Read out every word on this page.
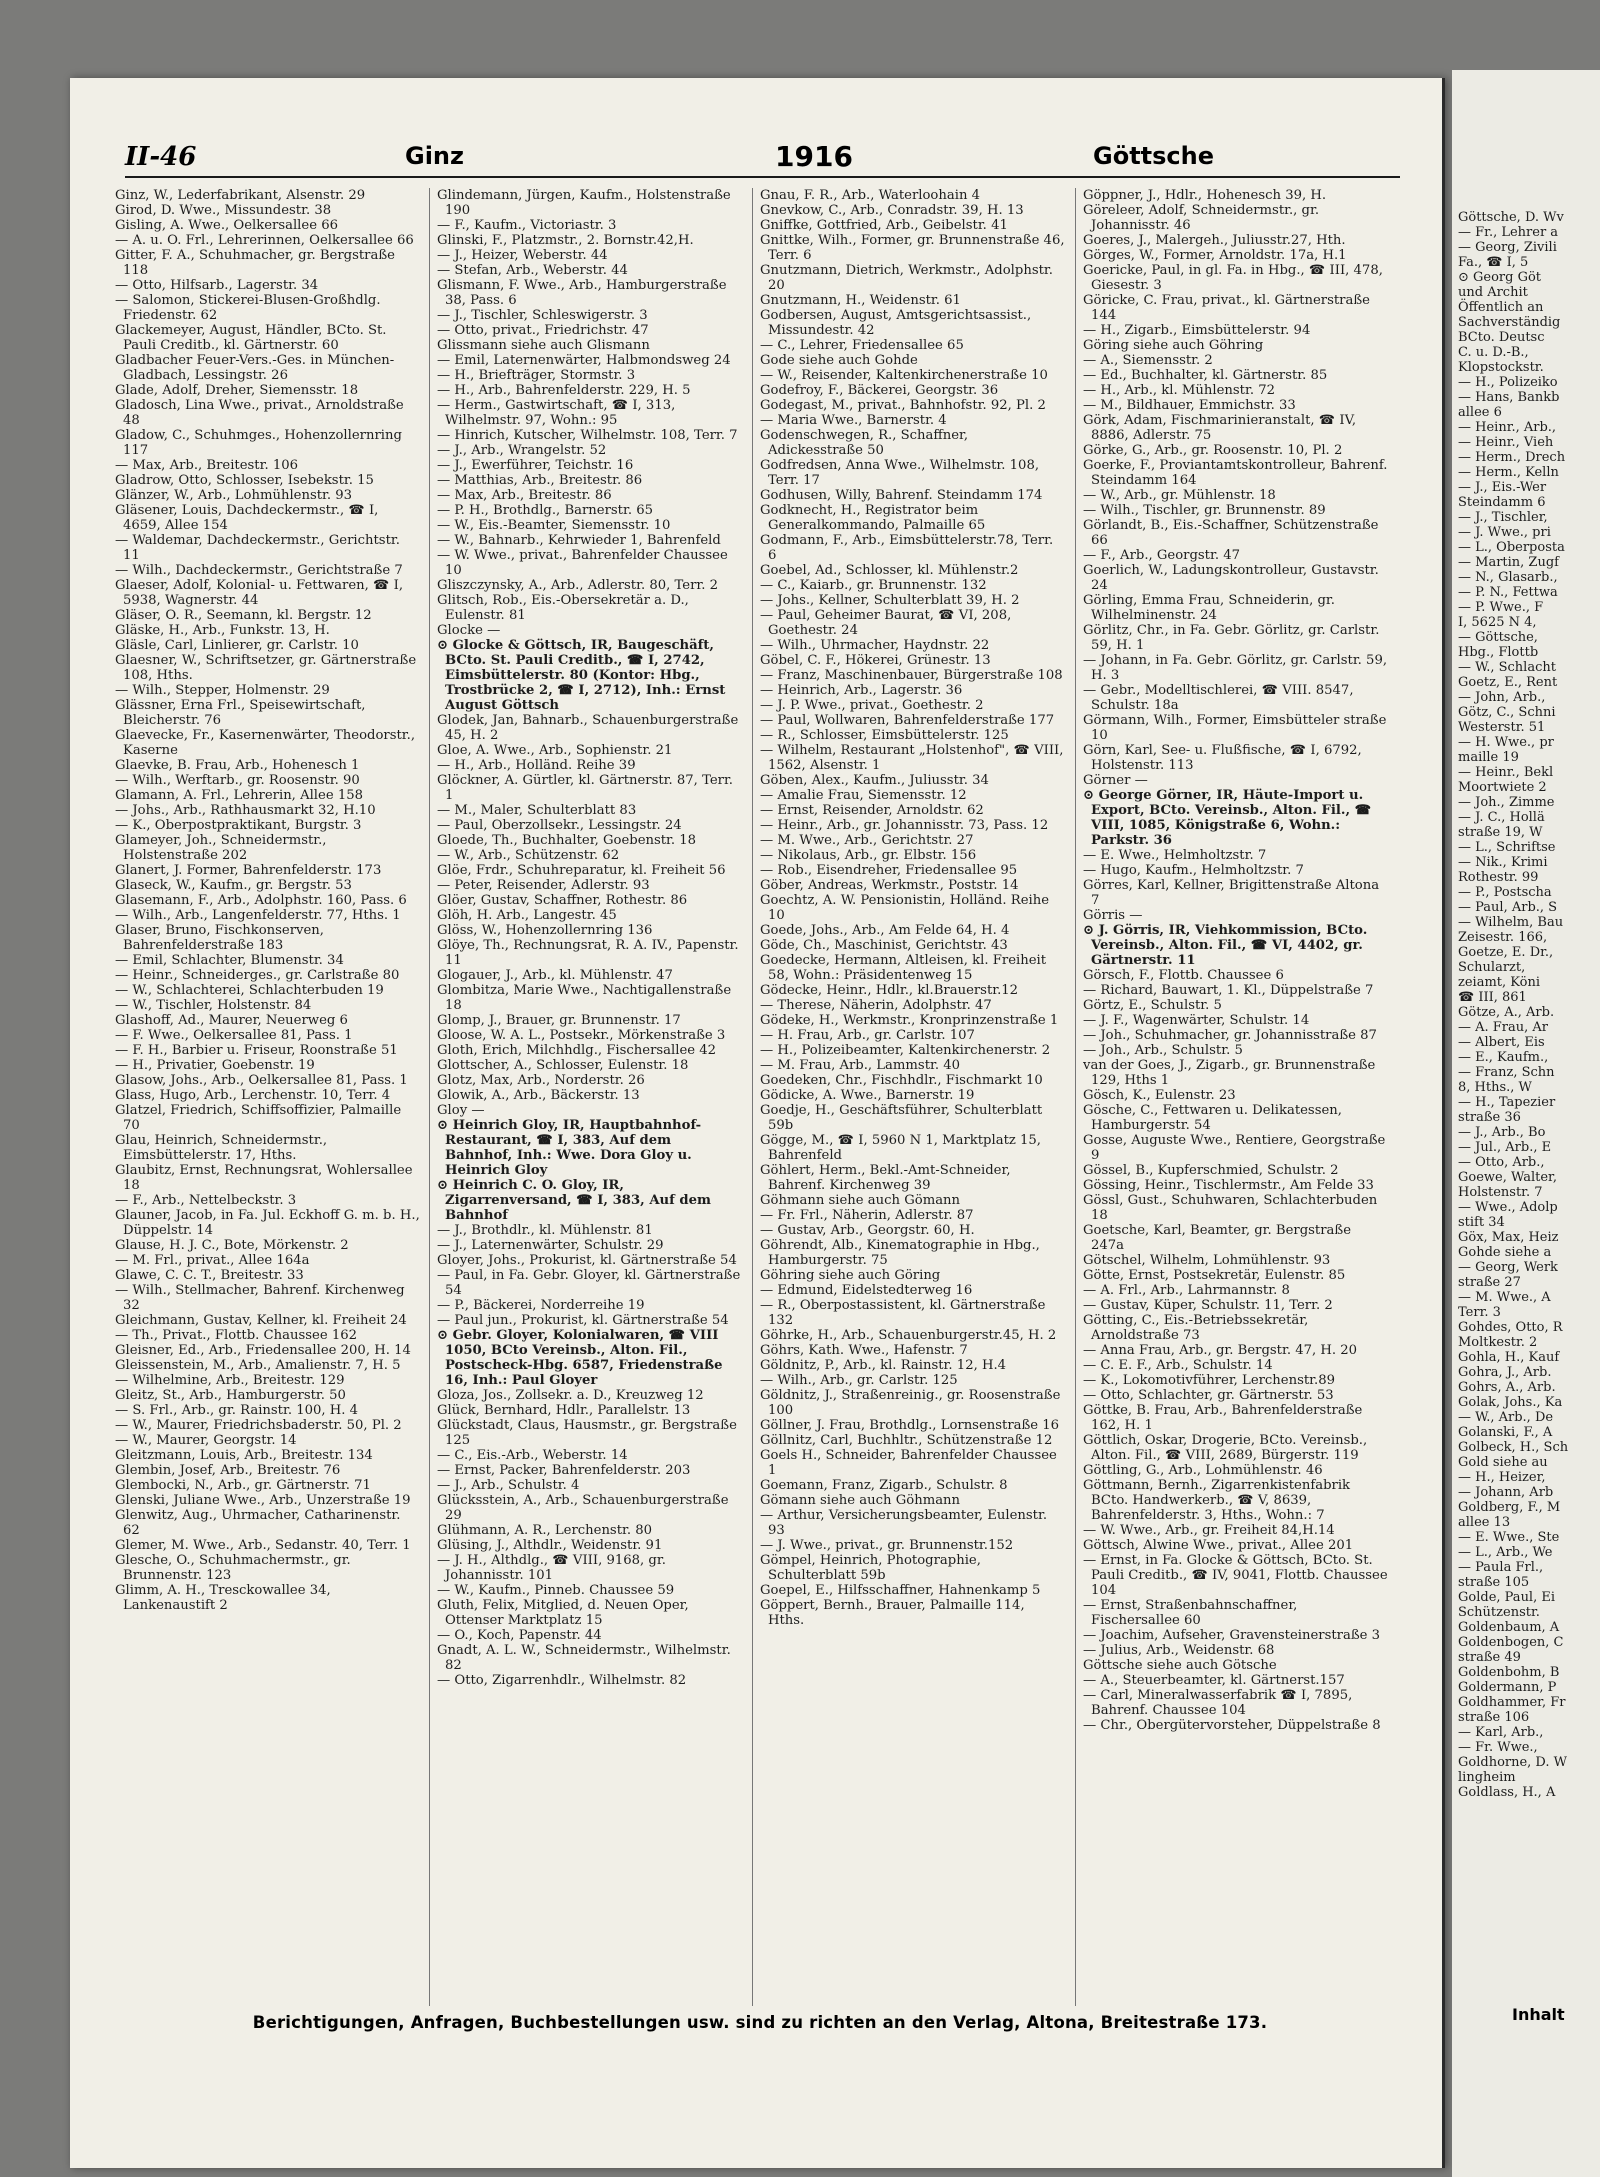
II-46	Ginz	1916	Göttsche

Ginz, W., Lederfabrikant, Alsenstr. 29

Girod, D. Wwe., Missundestr. 38

Gisling, A. Wwe., Oelkersallee 66

— A. u. O. Frl., Lehrerinnen, Oelkersallee 66

Gitter, F. A., Schuhmacher, gr. Bergstraße 118

— Otto, Hilfsarb., Lagerstr. 34

— Salomon, Stickerei-Blusen-Großhdlg. Friedenstr. 62

Glackemeyer, August, Händler, BCto. St. Pauli Creditb., kl. Gärtnerstr. 60

Gladbacher Feuer-Vers.-Ges. in München-Gladbach, Lessingstr. 26

Glade, Adolf, Dreher, Siemensstr. 18

Gladosch, Lina Wwe., privat., Arnoldstraße 48

Gladow, C., Schuhmges., Hohenzollernring 117

— Max, Arb., Breitestr. 106

Gladrow, Otto, Schlosser, Isebekstr. 15

Glänzer, W., Arb., Lohmühlenstr. 93

Gläsener, Louis, Dachdeckermstr., ☎ I, 4659, Allee 154

— Waldemar, Dachdeckermstr., Gerichtstr. 11

— Wilh., Dachdeckermstr., Gerichtstraße 7

Glaeser, Adolf, Kolonial- u. Fettwaren, ☎ I, 5938, Wagnerstr. 44

Gläser, O. R., Seemann, kl. Bergstr. 12

Gläske, H., Arb., Funkstr. 13, H.

Gläsle, Carl, Linlierer, gr. Carlstr. 10

Glaesner, W., Schriftsetzer, gr. Gärtnerstraße 108, Hths.

— Wilh., Stepper, Holmenstr. 29

Glässner, Erna Frl., Speisewirtschaft, Bleicherstr. 76

Glaevecke, Fr., Kasernenwärter, Theodorstr., Kaserne

Glaevke, B. Frau, Arb., Hohenesch 1

— Wilh., Werftarb., gr. Roosenstr. 90

Glamann, A. Frl., Lehrerin, Allee 158

— Johs., Arb., Rathhausmarkt 32, H.10

— K., Oberpostpraktikant, Burgstr. 3

Glameyer, Joh., Schneidermstr., Holstenstraße 202

Glanert, J. Former, Bahrenfelderstr. 173

Glaseck, W., Kaufm., gr. Bergstr. 53

Glasemann, F., Arb., Adolphstr. 160, Pass. 6

— Wilh., Arb., Langenfelderstr. 77, Hths. 1

Glaser, Bruno, Fischkonserven, Bahrenfelderstraße 183

— Emil, Schlachter, Blumenstr. 34

— Heinr., Schneiderges., gr. Carlstraße 80

— W., Schlachterei, Schlachterbuden 19

— W., Tischler, Holstenstr. 84

Glashoff, Ad., Maurer, Neuerweg 6

— F. Wwe., Oelkersallee 81, Pass. 1

— F. H., Barbier u. Friseur, Roonstraße 51

— H., Privatier, Goebenstr. 19

Glasow, Johs., Arb., Oelkersallee 81, Pass. 1

Glass, Hugo, Arb., Lerchenstr. 10, Terr. 4

Glatzel, Friedrich, Schiffsoffizier, Palmaille 70

Glau, Heinrich, Schneidermstr., Eimsbüttelerstr. 17, Hths.

Glaubitz, Ernst, Rechnungsrat, Wohlersallee 18

— F., Arb., Nettelbeckstr. 3

Glauner, Jacob, in Fa. Jul. Eckhoff G. m. b. H., Düppelstr. 14

Glause, H. J. C., Bote, Mörkenstr. 2

— M. Frl., privat., Allee 164a

Glawe, C. C. T., Breitestr. 33

— Wilh., Stellmacher, Bahrenf. Kirchenweg 32

Gleichmann, Gustav, Kellner, kl. Freiheit 24

— Th., Privat., Flottb. Chaussee 162

Gleisner, Ed., Arb., Friedensallee 200, H. 14

Gleissenstein, M., Arb., Amalienstr. 7, H. 5

— Wilhelmine, Arb., Breitestr. 129

Gleitz, St., Arb., Hamburgerstr. 50

— S. Frl., Arb., gr. Rainstr. 100, H. 4

— W., Maurer, Friedrichsbaderstr. 50, Pl. 2

— W., Maurer, Georgstr. 14

Gleitzmann, Louis, Arb., Breitestr. 134

Glembin, Josef, Arb., Breitestr. 76

Glembocki, N., Arb., gr. Gärtnerstr. 71

Glenski, Juliane Wwe., Arb., Unzerstraße 19

Glenwitz, Aug., Uhrmacher, Catharinenstr. 62

Glemer, M. Wwe., Arb., Sedanstr. 40, Terr. 1

Glesche, O., Schuhmachermstr., gr. Brunnenstr. 123

Glimm, A. H., Tresckowallee 34, Lankenaustift 2

Glindemann, Jürgen, Kaufm., Holstenstraße 190

— F., Kaufm., Victoriastr. 3

Glinski, F., Platzmstr., 2. Bornstr.42,H.

— J., Heizer, Weberstr. 44

— Stefan, Arb., Weberstr. 44

Glismann, F. Wwe., Arb., Hamburgerstraße 38, Pass. 6

— J., Tischler, Schleswigerstr. 3

— Otto, privat., Friedrichstr. 47

Glissmann siehe auch Glismann

— Emil, Laternenwärter, Halbmondsweg 24

— H., Briefträger, Stormstr. 3

— H., Arb., Bahrenfelderstr. 229, H. 5

— Herm., Gastwirtschaft, ☎ I, 313, Wilhelmstr. 97, Wohn.: 95

— Hinrich, Kutscher, Wilhelmstr. 108, Terr. 7

— J., Arb., Wrangelstr. 52

— J., Ewerführer, Teichstr. 16

— Matthias, Arb., Breitestr. 86

— Max, Arb., Breitestr. 86

— P. H., Brothdlg., Barnerstr. 65

— W., Eis.-Beamter, Siemensstr. 10

— W., Bahnarb., Kehrwieder 1, Bahrenfeld

— W. Wwe., privat., Bahrenfelder Chaussee 10

Gliszczynsky, A., Arb., Adlerstr. 80, Terr. 2

Glitsch, Rob., Eis.-Obersekretär a. D., Eulenstr. 81

Glocke —

⊙ Glocke & Göttsch, IR, Baugeschäft, BCto. St. Pauli Creditb., ☎ I, 2742, Eimsbüttelerstr. 80 (Kontor: Hbg., Trostbrücke 2, ☎ I, 2712), Inh.: Ernst August Göttsch

Glodek, Jan, Bahnarb., Schauenburgerstraße 45, H. 2

Gloe, A. Wwe., Arb., Sophienstr. 21

— H., Arb., Holländ. Reihe 39

Glöckner, A. Gürtler, kl. Gärtnerstr. 87, Terr. 1

— M., Maler, Schulterblatt 83

— Paul, Oberzollsekr., Lessingstr. 24

Gloede, Th., Buchhalter, Goebenstr. 18

— W., Arb., Schützenstr. 62

Glöe, Frdr., Schuhreparatur, kl. Freiheit 56

— Peter, Reisender, Adlerstr. 93

Glöer, Gustav, Schaffner, Rothestr. 86

Glöh, H. Arb., Langestr. 45

Glöss, W., Hohenzollernring 136

Glöye, Th., Rechnungsrat, R. A. IV., Papenstr. 11

Glogauer, J., Arb., kl. Mühlenstr. 47

Glombitza, Marie Wwe., Nachtigallenstraße 18

Glomp, J., Brauer, gr. Brunnenstr. 17

Gloose, W. A. L., Postsekr., Mörkenstraße 3

Gloth, Erich, Milchhdlg., Fischersallee 42

Glottscher, A., Schlosser, Eulenstr. 18

Glotz, Max, Arb., Norderstr. 26

Glowik, A., Arb., Bäckerstr. 13

Gloy —

⊙ Heinrich Gloy, IR, Hauptbahnhof-Restaurant, ☎ I, 383, Auf dem Bahnhof, Inh.: Wwe. Dora Gloy u. Heinrich Gloy

⊙ Heinrich C. O. Gloy, IR, Zigarrenversand, ☎ I, 383, Auf dem Bahnhof

— J., Brothdlr., kl. Mühlenstr. 81

— J., Laternenwärter, Schulstr. 29

Gloyer, Johs., Prokurist, kl. Gärtnerstraße 54

— Paul, in Fa. Gebr. Gloyer, kl. Gärtnerstraße 54

— P., Bäckerei, Norderreihe 19

— Paul jun., Prokurist, kl. Gärtnerstraße 54

⊙ Gebr. Gloyer, Kolonialwaren, ☎ VIII 1050, BCto Vereinsb., Alton. Fil., Postscheck-Hbg. 6587, Friedenstraße 16, Inh.: Paul Gloyer

Gloza, Jos., Zollsekr. a. D., Kreuzweg 12

Glück, Bernhard, Hdlr., Parallelstr. 13

Glückstadt, Claus, Hausmstr., gr. Bergstraße 125

— C., Eis.-Arb., Weberstr. 14

— Ernst, Packer, Bahrenfelderstr. 203

— J., Arb., Schulstr. 4

Glücksstein, A., Arb., Schauenburgerstraße 29

Glühmann, A. R., Lerchenstr. 80

Glüsing, J., Althdlr., Weidenstr. 91

— J. H., Althdlg., ☎ VIII, 9168, gr. Johannisstr. 101

— W., Kaufm., Pinneb. Chaussee 59

Gluth, Felix, Mitglied, d. Neuen Oper, Ottenser Marktplatz 15

— O., Koch, Papenstr. 44

Gnadt, A. L. W., Schneidermstr., Wilhelmstr. 82

— Otto, Zigarrenhdlr., Wilhelmstr. 82

Gnau, F. R., Arb., Waterloohain 4

Gnevkow, C., Arb., Conradstr. 39, H. 13

Gniffke, Gottfried, Arb., Geibelstr. 41

Gnittke, Wilh., Former, gr. Brunnenstraße 46, Terr. 6

Gnutzmann, Dietrich, Werkmstr., Adolphstr. 20

Gnutzmann, H., Weidenstr. 61

Godbersen, August, Amtsgerichtsassist., Missundestr. 42

— C., Lehrer, Friedensallee 65

Gode siehe auch Gohde

— W., Reisender, Kaltenkirchenerstraße 10

Godefroy, F., Bäckerei, Georgstr. 36

Godegast, M., privat., Bahnhofstr. 92, Pl. 2

— Maria Wwe., Barnerstr. 4

Godenschwegen, R., Schaffner, Adickesstraße 50

Godfredsen, Anna Wwe., Wilhelmstr. 108, Terr. 17

Godhusen, Willy, Bahrenf. Steindamm 174

Godknecht, H., Registrator beim Generalkommando, Palmaille 65

Godmann, F., Arb., Eimsbüttelerstr.78, Terr. 6

Goebel, Ad., Schlosser, kl. Mühlenstr.2

— C., Kaiarb., gr. Brunnenstr. 132

— Johs., Kellner, Schulterblatt 39, H. 2

— Paul, Geheimer Baurat, ☎ VI, 208, Goethestr. 24

— Wilh., Uhrmacher, Haydnstr. 22

Göbel, C. F., Hökerei, Grünestr. 13

— Franz, Maschinenbauer, Bürgerstraße 108

— Heinrich, Arb., Lagerstr. 36

— J. P. Wwe., privat., Goethestr. 2

— Paul, Wollwaren, Bahrenfelderstraße 177

— R., Schlosser, Eimsbüttelerstr. 125

— Wilhelm, Restaurant „Holstenhof", ☎ VIII, 1562, Alsenstr. 1

Göben, Alex., Kaufm., Juliusstr. 34

— Amalie Frau, Siemensstr. 12

— Ernst, Reisender, Arnoldstr. 62

— Heinr., Arb., gr. Johannisstr. 73, Pass. 12

— M. Wwe., Arb., Gerichtstr. 27

— Nikolaus, Arb., gr. Elbstr. 156

— Rob., Eisendreher, Friedensallee 95

Göber, Andreas, Werkmstr., Poststr. 14

Goechtz, A. W. Pensionistin, Holländ. Reihe 10

Goede, Johs., Arb., Am Felde 64, H. 4

Göde, Ch., Maschinist, Gerichtstr. 43

Goedecke, Hermann, Altleisen, kl. Freiheit 58, Wohn.: Präsidentenweg 15

Gödecke, Heinr., Hdlr., kl.Brauerstr.12

— Therese, Näherin, Adolphstr. 47

Gödeke, H., Werkmstr., Kronprinzenstraße 1

— H. Frau, Arb., gr. Carlstr. 107

— H., Polizeibeamter, Kaltenkirchenerstr. 2

— M. Frau, Arb., Lammstr. 40

Goedeken, Chr., Fischhdlr., Fischmarkt 10

Gödicke, A. Wwe., Barnerstr. 19

Goedje, H., Geschäftsführer, Schulterblatt 59b

Gögge, M., ☎ I, 5960 N 1, Marktplatz 15, Bahrenfeld

Göhlert, Herm., Bekl.-Amt-Schneider, Bahrenf. Kirchenweg 39

Göhmann siehe auch Gömann

— Fr. Frl., Näherin, Adlerstr. 87

— Gustav, Arb., Georgstr. 60, H.

Göhrendt, Alb., Kinematographie in Hbg., Hamburgerstr. 75

Göhring siehe auch Göring

— Edmund, Eidelstedterweg 16

— R., Oberpostassistent, kl. Gärtnerstraße 132

Göhrke, H., Arb., Schauenburgerstr.45, H. 2

Göhrs, Kath. Wwe., Hafenstr. 7

Göldnitz, P., Arb., kl. Rainstr. 12, H.4

— Wilh., Arb., gr. Carlstr. 125

Göldnitz, J., Straßenreinig., gr. Roosenstraße 100

Göllner, J. Frau, Brothdlg., Lornsenstraße 16

Göllnitz, Carl, Buchhltr., Schützenstraße 12

Goels H., Schneider, Bahrenfelder Chaussee 1

Goemann, Franz, Zigarb., Schulstr. 8

Gömann siehe auch Göhmann

— Arthur, Versicherungsbeamter, Eulenstr. 93

— J. Wwe., privat., gr. Brunnenstr.152

Gömpel, Heinrich, Photographie, Schulterblatt 59b

Goepel, E., Hilfsschaffner, Hahnenkamp 5

Göppert, Bernh., Brauer, Palmaille 114, Hths.

Göppner, J., Hdlr., Hohenesch 39, H.

Göreleer, Adolf, Schneidermstr., gr. Johannisstr. 46

Goeres, J., Malergeh., Juliusstr.27, Hth.

Görges, W., Former, Arnoldstr. 17a, H.1

Goericke, Paul, in gl. Fa. in Hbg., ☎ III, 478, Giesestr. 3

Göricke, C. Frau, privat., kl. Gärtnerstraße 144

— H., Zigarb., Eimsbüttelerstr. 94

Göring siehe auch Göhring

— A., Siemensstr. 2

— Ed., Buchhalter, kl. Gärtnerstr. 85

— H., Arb., kl. Mühlenstr. 72

— M., Bildhauer, Emmichstr. 33

Görk, Adam, Fischmarinieranstalt, ☎ IV, 8886, Adlerstr. 75

Görke, G., Arb., gr. Roosenstr. 10, Pl. 2

Goerke, F., Proviantamtskontrolleur, Bahrenf. Steindamm 164

— W., Arb., gr. Mühlenstr. 18

— Wilh., Tischler, gr. Brunnenstr. 89

Görlandt, B., Eis.-Schaffner, Schützenstraße 66

— F., Arb., Georgstr. 47

Goerlich, W., Ladungskontrolleur, Gustavstr. 24

Görling, Emma Frau, Schneiderin, gr. Wilhelminenstr. 24

Görlitz, Chr., in Fa. Gebr. Görlitz, gr. Carlstr. 59, H. 1

— Johann, in Fa. Gebr. Görlitz, gr. Carlstr. 59, H. 3

— Gebr., Modelltischlerei, ☎ VIII. 8547, Schulstr. 18a

Görmann, Wilh., Former, Eimsbütteler straße 10

Görn, Karl, See- u. Flußfische, ☎ I, 6792, Holstenstr. 113

Görner —

⊙ George Görner, IR, Häute-Import u. Export, BCto. Vereinsb., Alton. Fil., ☎ VIII, 1085, Königstraße 6, Wohn.: Parkstr. 36

— E. Wwe., Helmholtzstr. 7

— Hugo, Kaufm., Helmholtzstr. 7

Görres, Karl, Kellner, Brigittenstraße Altona 7

Görris —

⊙ J. Görris, IR, Viehkommission, BCto. Vereinsb., Alton. Fil., ☎ VI, 4402, gr. Gärtnerstr. 11

Görsch, F., Flottb. Chaussee 6

— Richard, Bauwart, 1. Kl., Düppelstraße 7

Görtz, E., Schulstr. 5

— J. F., Wagenwärter, Schulstr. 14

— Joh., Schuhmacher, gr. Johannisstraße 87

— Joh., Arb., Schulstr. 5

van der Goes, J., Zigarb., gr. Brunnenstraße 129, Hths 1

Gösch, K., Eulenstr. 23

Gösche, C., Fettwaren u. Delikatessen, Hamburgerstr. 54

Gosse, Auguste Wwe., Rentiere, Georgstraße 9

Gössel, B., Kupferschmied, Schulstr. 2

Gössing, Heinr., Tischlermstr., Am Felde 33

Gössl, Gust., Schuhwaren, Schlachterbuden 18

Goetsche, Karl, Beamter, gr. Bergstraße 247a

Götschel, Wilhelm, Lohmühlenstr. 93

Götte, Ernst, Postsekretär, Eulenstr. 85

— A. Frl., Arb., Lahrmannstr. 8

— Gustav, Küper, Schulstr. 11, Terr. 2

Götting, C., Eis.-Betriebssekretär, Arnoldstraße 73

— Anna Frau, Arb., gr. Bergstr. 47, H. 20

— C. E. F., Arb., Schulstr. 14

— K., Lokomotivführer, Lerchenstr.89

— Otto, Schlachter, gr. Gärtnerstr. 53

Göttke, B. Frau, Arb., Bahrenfelderstraße 162, H. 1

Göttlich, Oskar, Drogerie, BCto. Vereinsb., Alton. Fil., ☎ VIII, 2689, Bürgerstr. 119

Göttling, G., Arb., Lohmühlenstr. 46

Göttmann, Bernh., Zigarrenkistenfabrik BCto. Handwerkerb., ☎ V, 8639, Bahrenfelderstr. 3, Hths., Wohn.: 7

— W. Wwe., Arb., gr. Freiheit 84,H.14

Göttsch, Alwine Wwe., privat., Allee 201

— Ernst, in Fa. Glocke & Göttsch, BCto. St. Pauli Creditb., ☎ IV, 9041, Flottb. Chaussee 104

— Ernst, Straßenbahnschaffner, Fischersallee 60

— Joachim, Aufseher, Gravensteinerstraße 3

— Julius, Arb., Weidenstr. 68

Göttsche siehe auch Götsche

— A., Steuerbeamter, kl. Gärtnerst.157

— Carl, Mineralwasserfabrik ☎ I, 7895, Bahrenf. Chaussee 104

— Chr., Obergütervorsteher, Düppelstraße 8

Berichtigungen, Anfragen, Buchbestellungen usw. sind zu richten an den Verlag, Altona, Breitestraße 173.
Göttsche, D. Wv
— Fr., Lehrer a
— Georg, Zivili
Fa., ☎ I, 5
⊙ Georg Göt
und Archit
Öffentlich an
Sachverständig
BCto. Deutsc
C. u. D.-B.,
Klopstockstr.
— H., Polizeiko
— Hans, Bankb
allee 6
— Heinr., Arb.,
— Heinr., Vieh
— Herm., Drech
— Herm., Kelln
— J., Eis.-Wer
Steindamm 6
— J., Tischler,
— J. Wwe., pri
— L., Oberposta
— Martin, Zugf
— N., Glasarb.,
— P. N., Fettwa
— P. Wwe., F
I, 5625 N 4,
— Göttsche,
Hbg., Flottb
— W., Schlacht
Goetz, E., Rent
— John, Arb.,
Götz, C., Schni
Westerstr. 51
— H. Wwe., pr
maille 19
— Heinr., Bekl
Moortwiete 2
— Joh., Zimme
— J. C., Hollä
straße 19, W
— L., Schriftse
— Nik., Krimi
Rothestr. 99
— P., Postscha
— Paul, Arb., S
— Wilhelm, Bau
Zeisestr. 166,
Goetze, E. Dr.,
Schularzt,
zeiamt, Köni
☎ III, 861
Götze, A., Arb.
— A. Frau, Ar
— Albert, Eis
— E., Kaufm.,
— Franz, Schn
8, Hths., W
— H., Tapezier
straße 36
— J., Arb., Bo
— Jul., Arb., E
— Otto, Arb.,
Goewe, Walter,
Holstenstr. 7
— Wwe., Adolp
stift 34
Göx, Max, Heiz
Gohde siehe a
— Georg, Werk
straße 27
— M. Wwe., A
Terr. 3
Gohdes, Otto, R
Moltkestr. 2
Gohla, H., Kauf
Gohra, J., Arb.
Gohrs, A., Arb.
Golak, Johs., Ka
— W., Arb., De
Golanski, F., A
Golbeck, H., Sch
Gold siehe au
— H., Heizer,
— Johann, Arb
Goldberg, F., M
allee 13
— E. Wwe., Ste
— L., Arb., We
— Paula Frl.,
straße 105
Golde, Paul, Ei
Schützenstr.
Goldenbaum, A
Goldenbogen, C
straße 49
Goldenbohm, B
Goldermann, P
Goldhammer, Fr
straße 106
— Karl, Arb.,
— Fr. Wwe.,
Goldhorne, D. W
lingheim
Goldlass, H., A
Inhalt
